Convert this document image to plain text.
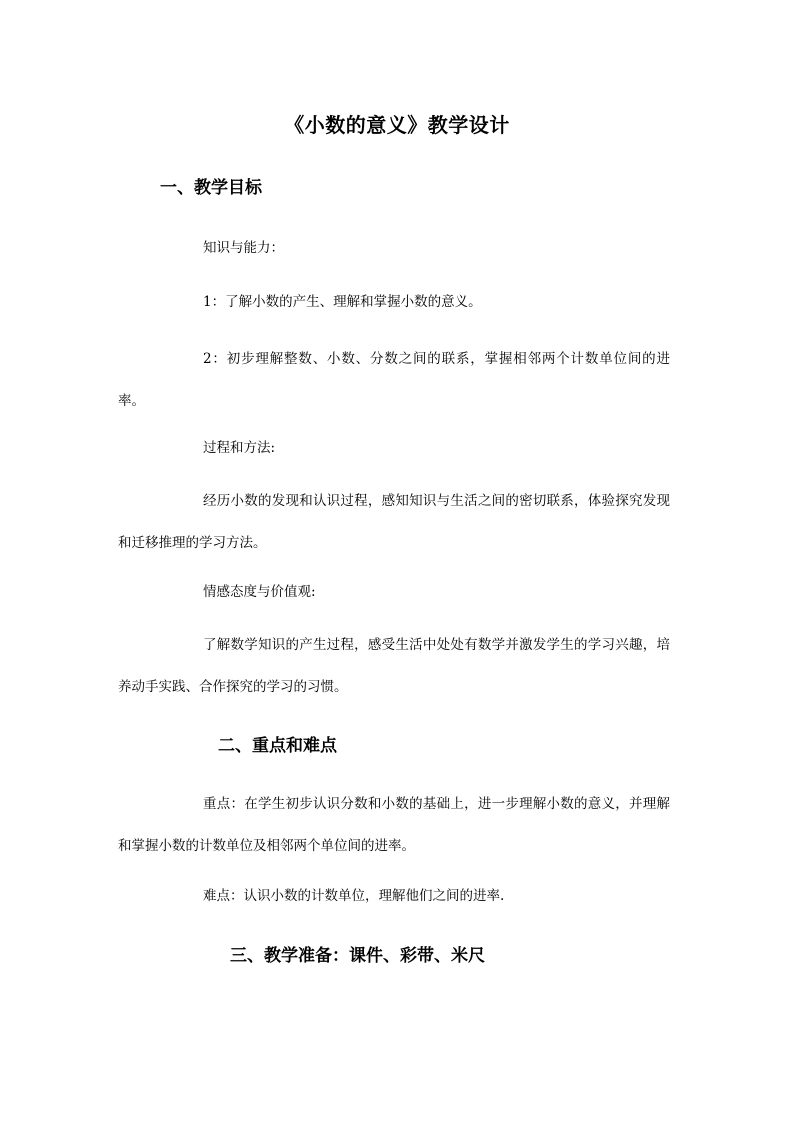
《小数的意义》教学设计
一、教学目标
知识与能力：
1：了解小数的产生、理解和掌握小数的意义。
2：初步理解整数、小数、分数之间的联系，掌握相邻两个计数单位间的进率。
过程和方法:
经历小数的发现和认识过程，感知知识与生活之间的密切联系，体验探究发现和迁移推理的学习方法。
情感态度与价值观:
了解数学知识的产生过程，感受生活中处处有数学并激发学生的学习兴趣，培养动手实践、合作探究的学习的习惯。
二、重点和难点
重点：在学生初步认识分数和小数的基础上，进一步理解小数的意义，并理解和掌握小数的计数单位及相邻两个单位间的进率。
难点：认识小数的计数单位，理解他们之间的进率.
三、教学准备：课件、彩带、米尺
